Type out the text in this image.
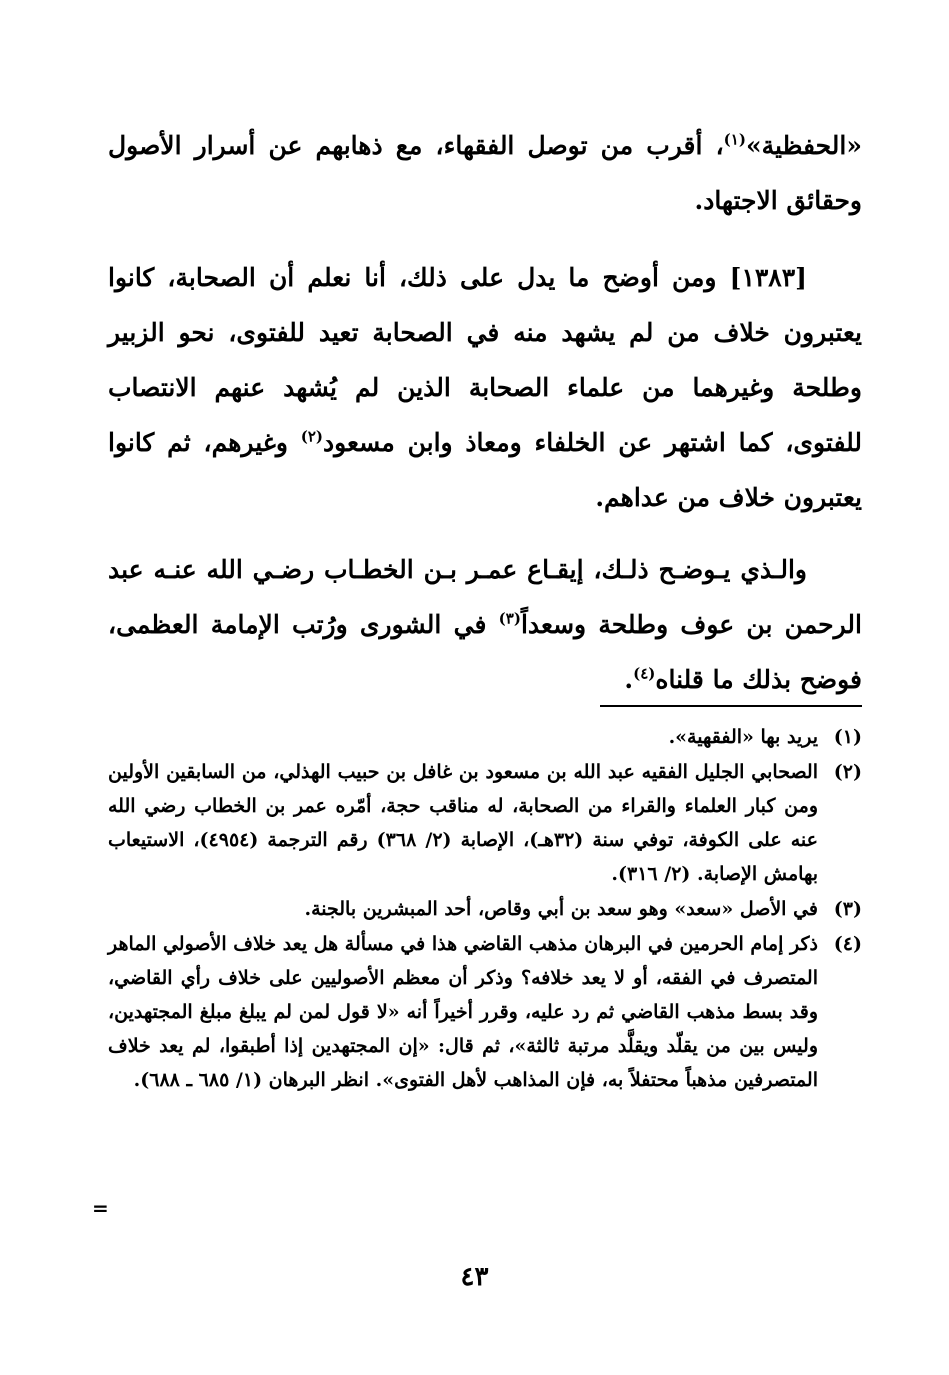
«الحفظية»$^{(١)}$، أقرب من توصل الفقهاء، مع ذهابهم عن أسرار الأصول وحقائق الاجتهاد.
[١٣٨٣] ومن أوضح ما يدل على ذلك، أنا نعلم أن الصحابة، كانوا يعتبرون خلاف من لم يشهد منه في الصحابة تعيد للفتوى، نحو الزبير وطلحة وغيرهما من علماء الصحابة الذين لم يُشهد عنهم الانتصاب للفتوى، كما اشتهر عن الخلفاء ومعاذ وابن مسعود$^{(٢)}$ وغيرهم، ثم كانوا يعتبرون خلاف من عداهم.
والـذي يـوضـح ذلـك، إيقـاع عمـر بـن الخطـاب رضـي الله عنـه عبد الرحمن بن عوف وطلحة وسعداً$^{(٣)}$ في الشورى ورُتب الإمامة العظمى، فوضح بذلك ما قلناه$^{(٤)}$.
(١)
يريد بها «الفقهية».
(٢)
الصحابي الجليل الفقيه عبد الله بن مسعود بن غافل بن حبيب الهذلي، من السابقين الأولين ومن كبار العلماء والقراء من الصحابة، له مناقب حجة، أمّره عمر بن الخطاب رضي الله عنه على الكوفة، توفي سنة (٣٢هـ)، الإصابة (٢/ ٣٦٨) رقم الترجمة (٤٩٥٤)، الاستيعاب بهامش الإصابة. (٢/ ٣١٦).
(٣)
في الأصل «سعد» وهو سعد بن أبي وقاص، أحد المبشرين بالجنة.
(٤)
ذكر إمام الحرمين في البرهان مذهب القاضي هذا في مسألة هل يعد خلاف الأصولي الماهر المتصرف في الفقه، أو لا يعد خلافه؟ وذكر أن معظم الأصوليين على خلاف رأي القاضي، وقد بسط مذهب القاضي ثم رد عليه، وقرر أخيراً أنه «لا قول لمن لم يبلغ مبلغ المجتهدين، وليس بين من يقلّد ويقلَّد مرتبة ثالثة»، ثم قال: «إن المجتهدين إذا أطبقوا، لم يعد خلاف المتصرفين مذهباً محتفلاً به، فإن المذاهب لأهل الفتوى». انظر البرهان (١/ ٦٨٥ ـ ٦٨٨).
=
٤٣
